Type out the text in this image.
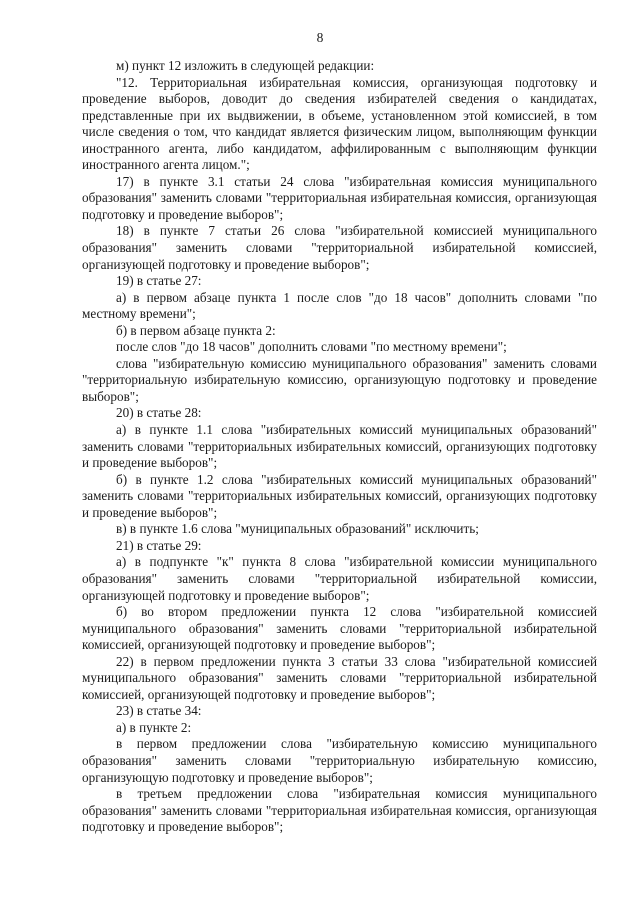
8

м) пункт 12 изложить в следующей редакции:

"12. Территориальная избирательная комиссия, организующая подготовку и проведение выборов, доводит до сведения избирателей сведения о кандидатах, представленные при их выдвижении, в объеме, установленном этой комиссией, в том числе сведения о том, что кандидат является физическим лицом, выполняющим функции иностранного агента, либо кандидатом, аффилированным с выполняющим функции иностранного агента лицом.";

17) в пункте 3.1 статьи 24 слова "избирательная комиссия муниципального образования" заменить словами "территориальная избирательная комиссия, организующая подготовку и проведение выборов";

18) в пункте 7 статьи 26 слова "избирательной комиссией муниципального образования" заменить словами "территориальной избирательной комиссией, организующей подготовку и проведение выборов";

19) в статье 27:

а) в первом абзаце пункта 1 после слов "до 18 часов" дополнить словами "по местному времени";

б) в первом абзаце пункта 2:

после слов "до 18 часов" дополнить словами "по местному времени";

слова "избирательную комиссию муниципального образования" заменить словами "территориальную избирательную комиссию, организующую подготовку и проведение выборов";

20) в статье 28:

а) в пункте 1.1 слова "избирательных комиссий муниципальных образований" заменить словами "территориальных избирательных комиссий, организующих подготовку и проведение выборов";

б) в пункте 1.2 слова "избирательных комиссий муниципальных образований" заменить словами "территориальных избирательных комиссий, организующих подготовку и проведение выборов";

в) в пункте 1.6 слова "муниципальных образований" исключить;

21) в статье 29:

а) в подпункте "к" пункта 8 слова "избирательной комиссии муниципального образования" заменить словами "территориальной избирательной комиссии, организующей подготовку и проведение выборов";

б) во втором предложении пункта 12 слова "избирательной комиссией муниципального образования" заменить словами "территориальной избирательной комиссией, организующей подготовку и проведение выборов";

22) в первом предложении пункта 3 статьи 33 слова "избирательной комиссией муниципального образования" заменить словами "территориальной избирательной комиссией, организующей подготовку и проведение выборов";

23) в статье 34:

а) в пункте 2:

в первом предложении слова "избирательную комиссию муниципального образования" заменить словами "территориальную избирательную комиссию, организующую подготовку и проведение выборов";

в третьем предложении слова "избирательная комиссия муниципального образования" заменить словами "территориальная избирательная комиссия, организующая подготовку и проведение выборов";
